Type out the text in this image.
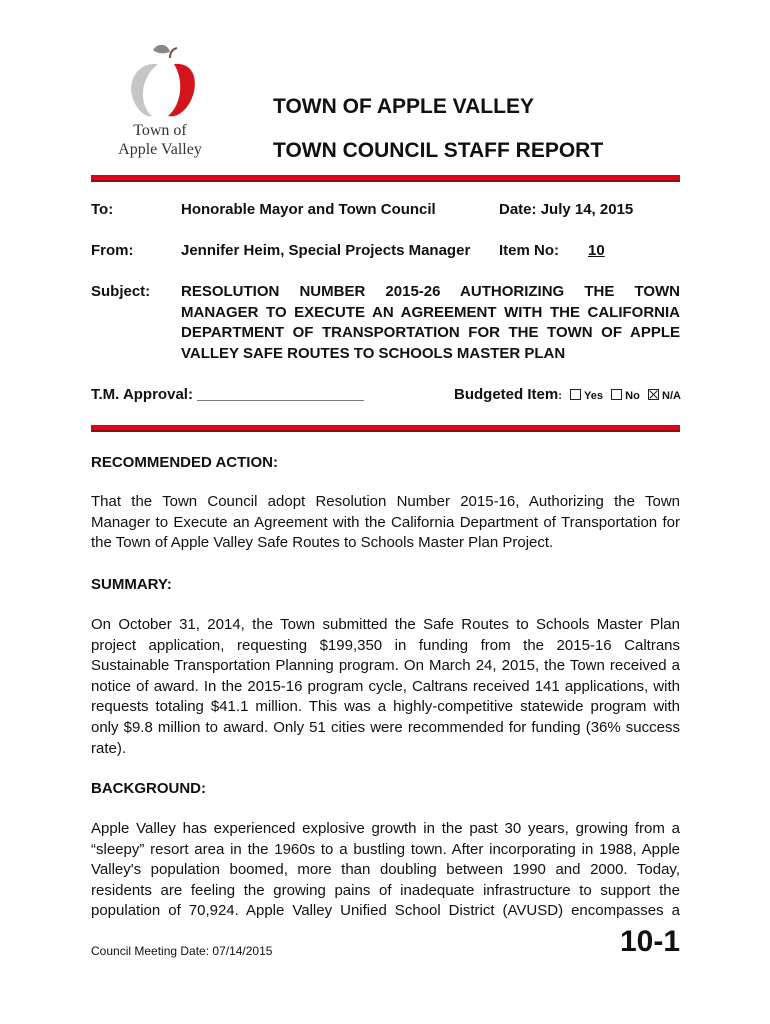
Town of
Apple Valley
TOWN OF APPLE VALLEY
TOWN COUNCIL STAFF REPORT
To:	Honorable Mayor and Town Council	Date: July 14, 2015
From:	Jennifer Heim, Special Projects Manager Item No: 10
Subject: RESOLUTION NUMBER 2015-26 AUTHORIZING THE TOWN
MANAGER TO EXECUTE AN AGREEMENT WITH THE CALIFORNIA
DEPARTMENT OF TRANSPORTATION FOR THE TOWN OF APPLE
VALLEY SAFE ROUTES TO SCHOOLS MASTER PLAN
T.M. Approval: ____________________	Budgeted Item: Yes No N/A
RECOMMENDED ACTION:
That the Town Council adopt Resolution Number 2015-16, Authorizing the Town
Manager to Execute an Agreement with the California Department of Transportation for
the Town of Apple Valley Safe Routes to Schools Master Plan Project.
SUMMARY:
On October 31, 2014, the Town submitted the Safe Routes to Schools Master Plan
project application, requesting $199,350 in funding from the 2015-16 Caltrans
Sustainable Transportation Planning program. On March 24, 2015, the Town received a
notice of award. In the 2015-16 program cycle, Caltrans received 141 applications, with
requests totaling $41.1 million. This was a highly-competitive statewide program with
only $9.8 million to award. Only 51 cities were recommended for funding (36% success
rate).
BACKGROUND:
Apple Valley has experienced explosive growth in the past 30 years, growing from a
“sleepy” resort area in the 1960s to a bustling town. After incorporating in 1988, Apple
Valley's population boomed, more than doubling between 1990 and 2000. Today,
residents are feeling the growing pains of inadequate infrastructure to support the
population of 70,924. Apple Valley Unified School District (AVUSD) encompasses a
Council Meeting Date: 07/14/2015	10-1
